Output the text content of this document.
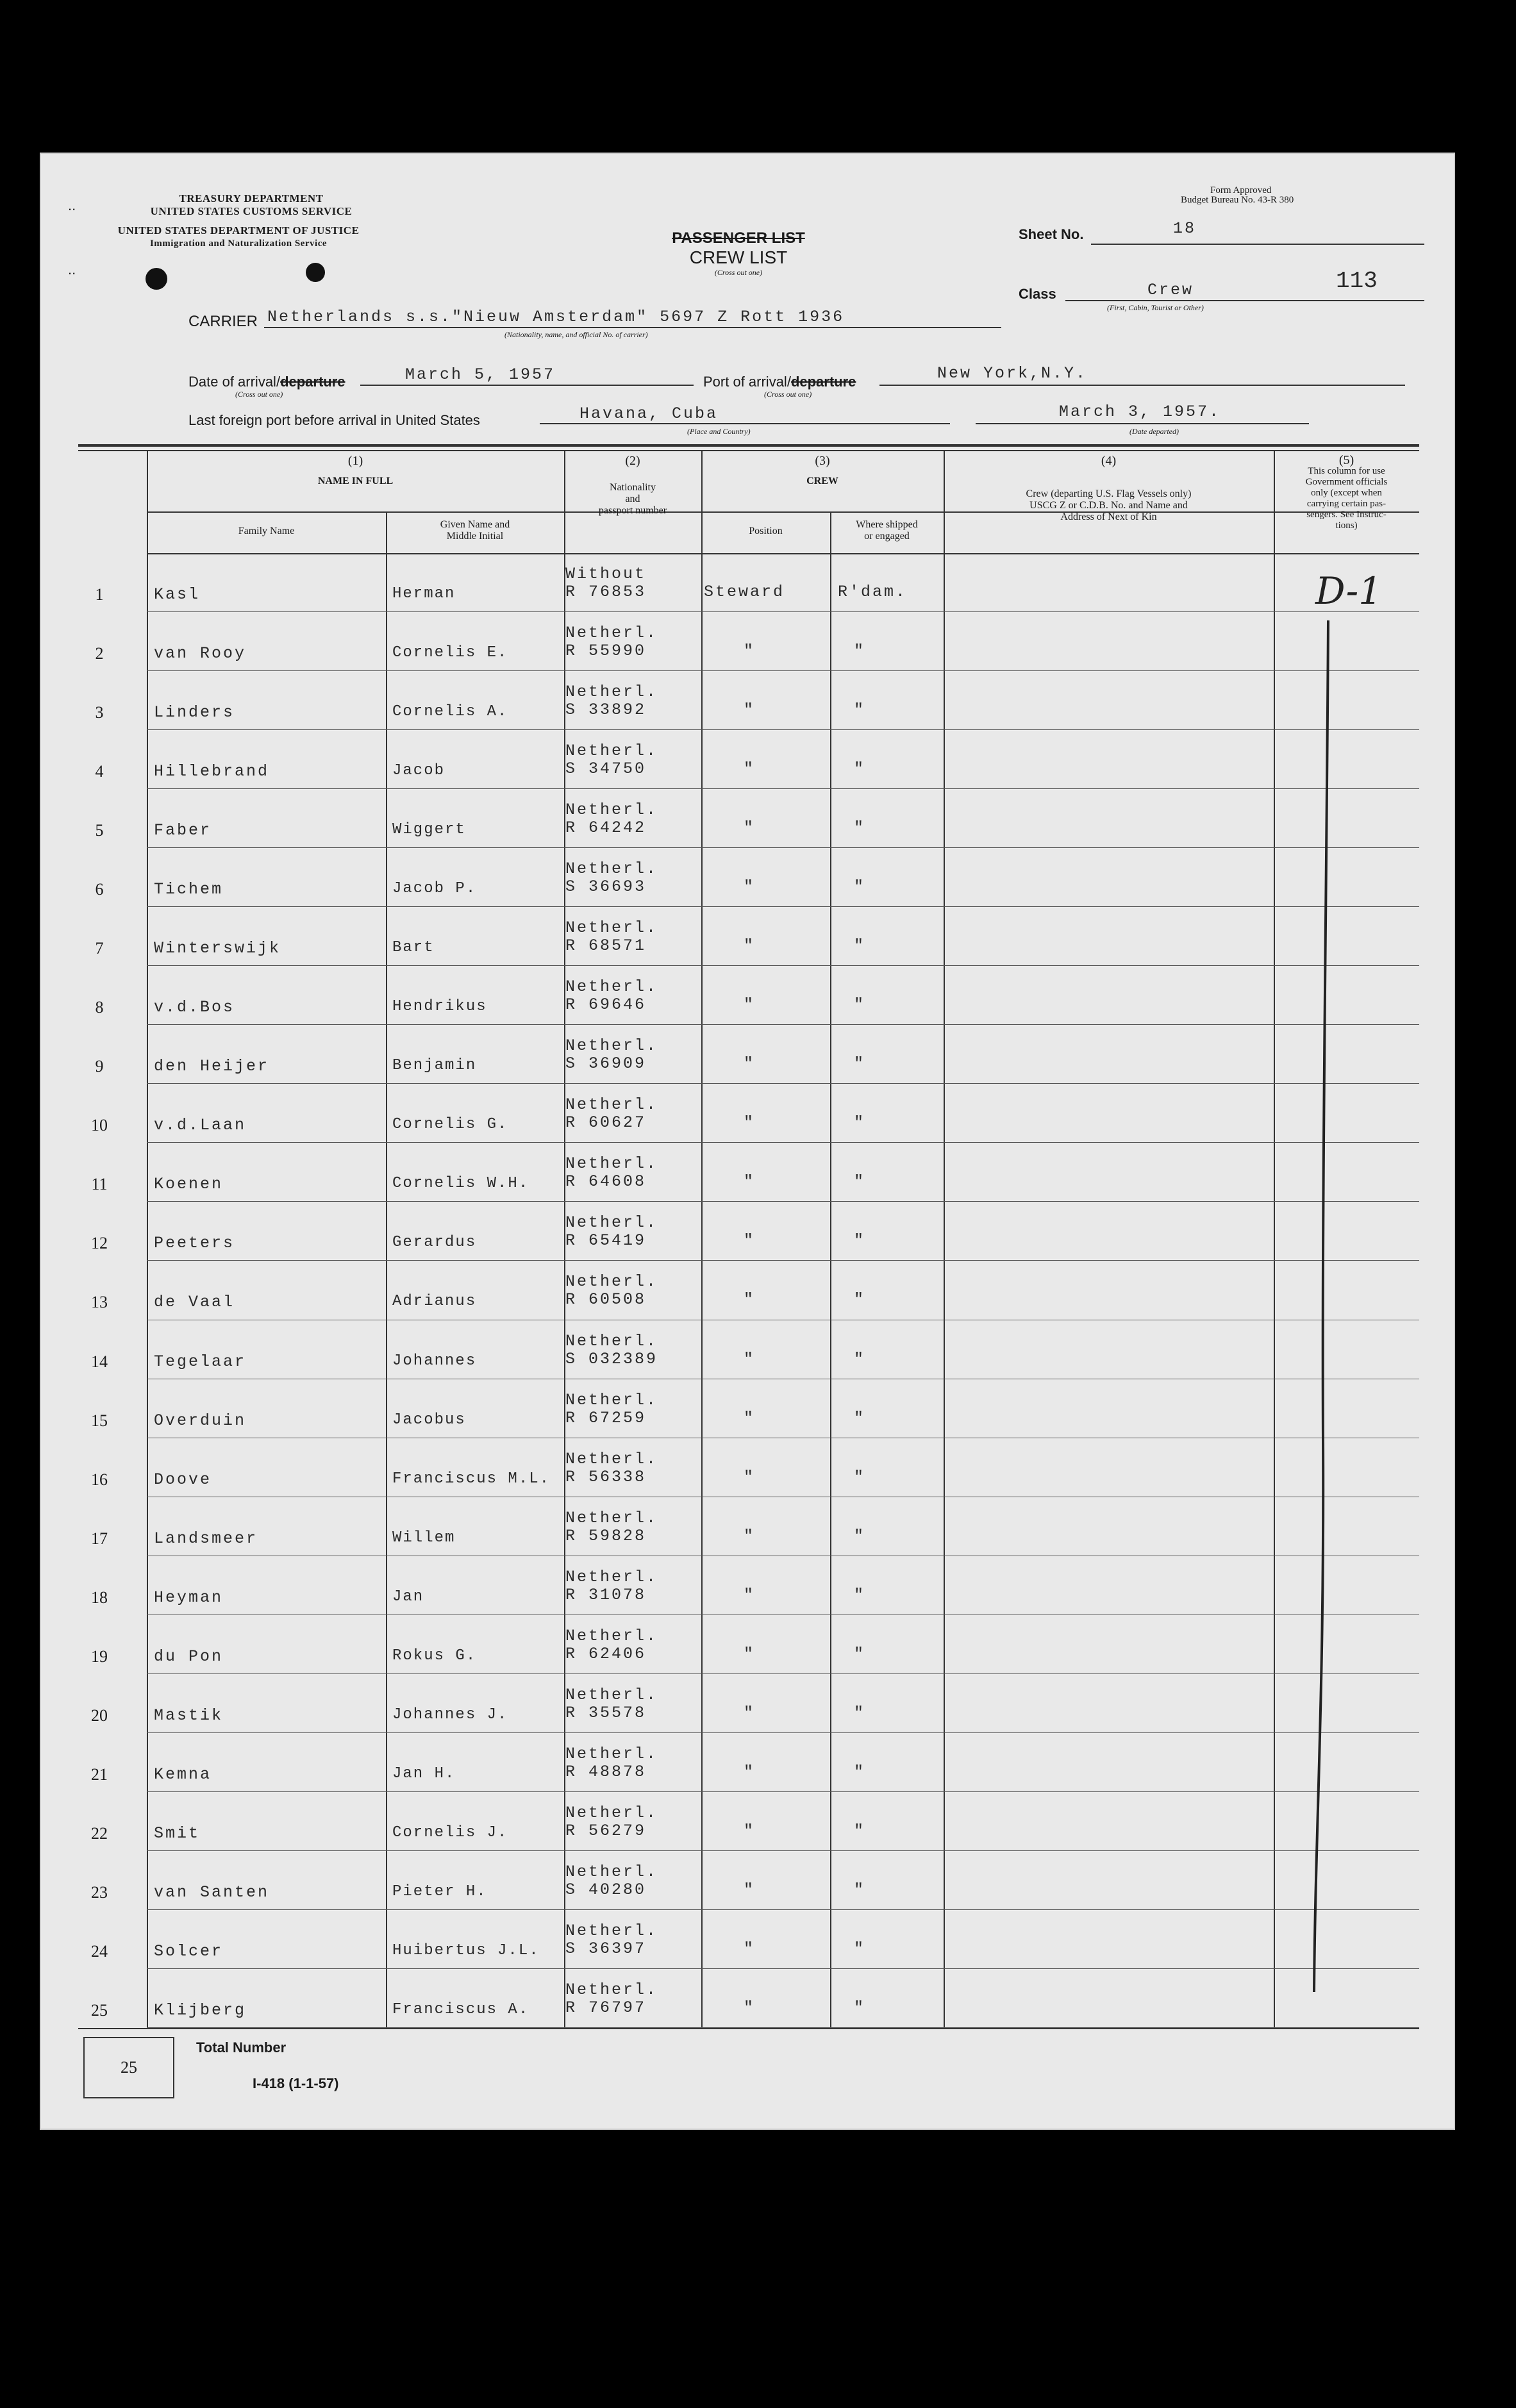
..
..
TREASURY DEPARTMENT
UNITED STATES CUSTOMS SERVICE
UNITED STATES DEPARTMENT OF JUSTICE
Immigration and Naturalization Service
Form Approved
Budget Bureau No. 43-R 380
PASSENGER LIST
CREW LIST
(Cross out one)
Sheet No.	18
Class	Crew
(First, Cabin, Tourist or Other)
113
CARRIER Netherlands s.s."Nieuw Amsterdam" 5697 Z Rott 1936
(Nationality, name, and official No. of carrier)
Date of arrival/departure	March 5, 1957
(Cross out one)
Port of arrival/departure	New York,N.Y.
(Cross out one)
Last foreign port before arrival in United States	Havana, Cuba
(Place and Country)
March 3, 1957.
(Date departed)
(1)
NAME IN FULL
Family Name
Given Name and
Middle Initial
(2)
Nationality
and
passport number
(3)
CREW
Position
Where shipped
or engaged
(4)
Crew (departing U.S. Flag Vessels only)
USCG Z or C.D.B. No. and Name and
Address of Next of Kin
(5)
This column for use
Government officials
only (except when
carrying certain pas-
sengers. See Instruc-
tions)
1	Kasl	Herman
Without
R 76853	Steward	R'dam.
2	van Rooy	Cornelis E.
Netherl.
R 55990	"	"
3	Linders	Cornelis A.
Netherl.
S 33892	"	"
4	Hillebrand	Jacob
Netherl.
S 34750	"	"
5	Faber	Wiggert
Netherl.
R 64242	"	"
6	Tichem	Jacob P.
Netherl.
S 36693	"	"
7	Winterswijk	Bart
Netherl.
R 68571	"	"
8	v.d.Bos	Hendrikus
Netherl.
R 69646	"	"
9	den Heijer	Benjamin
Netherl.
S 36909	"	"
10	v.d.Laan	Cornelis G.
Netherl.
R 60627	"	"
11	Koenen	Cornelis W.H.
Netherl.
R 64608	"	"
12	Peeters	Gerardus
Netherl.
R 65419	"	"
13	de Vaal	Adrianus
Netherl.
R 60508	"	"
14	Tegelaar	Johannes
Netherl.
S 032389	"	"
15	Overduin	Jacobus
Netherl.
R 67259	"	"
16	Doove	Franciscus M.L.
Netherl.
R 56338	"	"
17	Landsmeer	Willem
Netherl.
R 59828	"	"
18	Heyman	Jan
Netherl.
R 31078	"	"
19	du Pon	Rokus G.
Netherl.
R 62406	"	"
20	Mastik	Johannes J.
Netherl.
R 35578	"	"
21	Kemna	Jan H.
Netherl.
R 48878	"	"
22	Smit	Cornelis J.
Netherl.
R 56279	"	"
23	van Santen	Pieter H.
Netherl.
S 40280	"	"
24	Solcer	Huibertus J.L.
Netherl.
S 36397	"	"
25	Klijberg	Franciscus A.
Netherl.
R 76797	"	"
D-1
25
Total Number
I-418 (1-1-57)
